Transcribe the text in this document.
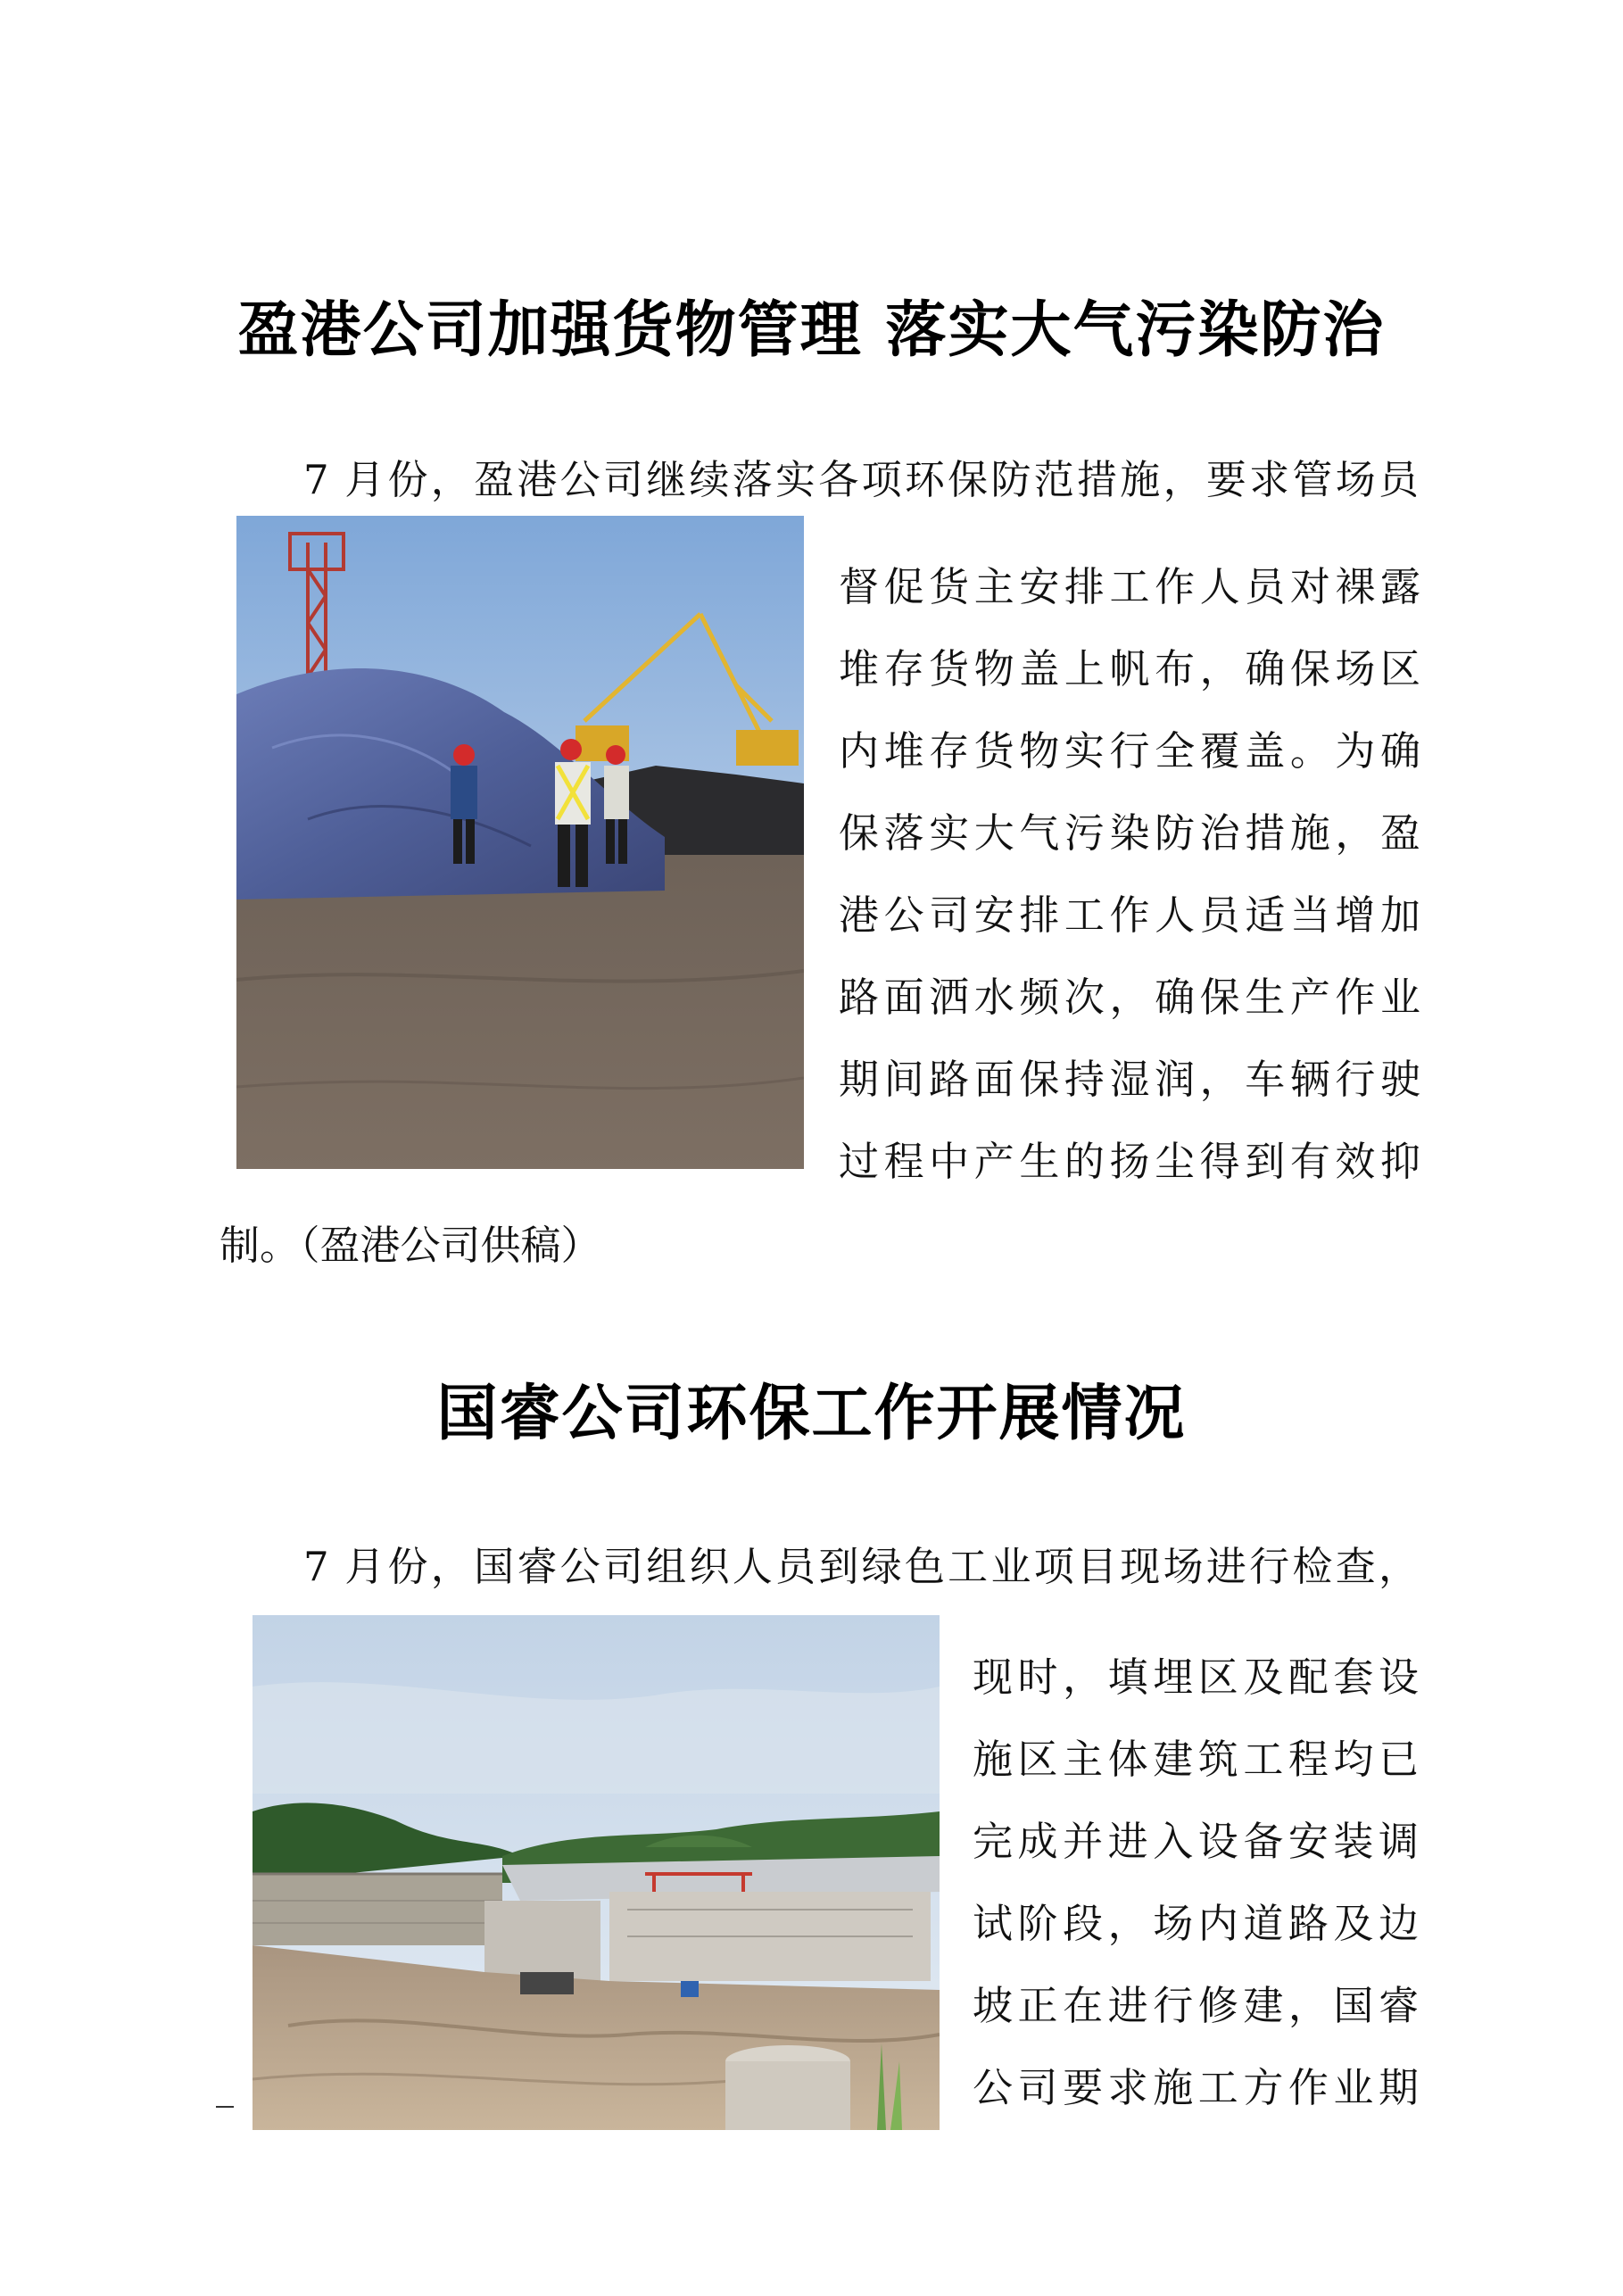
盈港公司加强货物管理 落实大气污染防治
7 月份，盈港公司继续落实各项环保防范措施，要求管场员
督促货主安排工作人员对裸露
堆存货物盖上帆布，确保场区
内堆存货物实行全覆盖。为确
保落实大气污染防治措施，盈
港公司安排工作人员适当增加
路面洒水频次，确保生产作业
期间路面保持湿润，车辆行驶
过程中产生的扬尘得到有效抑
制。（盈港公司供稿）
国睿公司环保工作开展情况
7 月份，国睿公司组织人员到绿色工业项目现场进行检查，
现时，填埋区及配套设
施区主体建筑工程均已
完成并进入设备安装调
试阶段，场内道路及边
坡正在进行修建，国睿
公司要求施工方作业期
